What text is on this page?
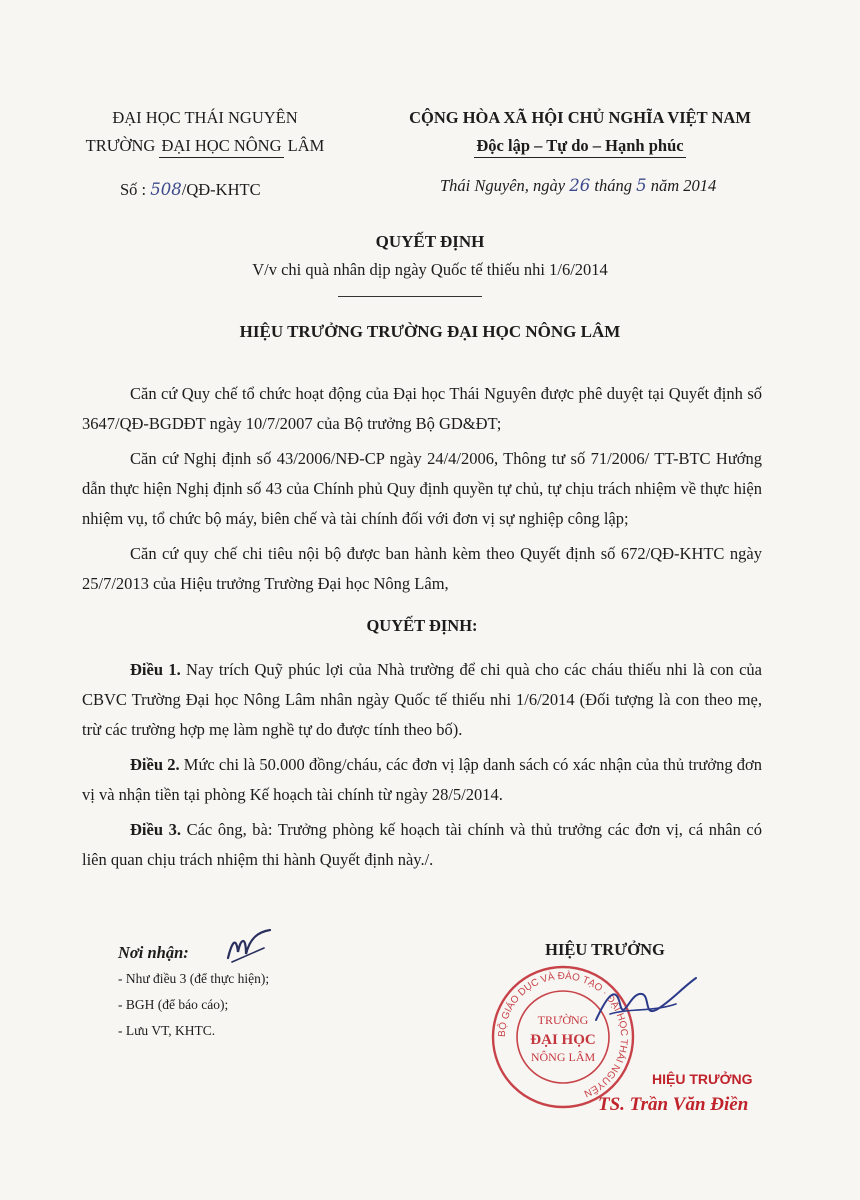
ĐẠI HỌC THÁI NGUYÊN
TRƯỜNG ĐẠI HỌC NÔNG LÂM
CỘNG HÒA XÃ HỘI CHỦ NGHĨA VIỆT NAM
Độc lập – Tự do – Hạnh phúc
Số : 508/QĐ-KHTC	Thái Nguyên, ngày 26 tháng 5 năm 2014
QUYẾT ĐỊNH
V/v chi quà nhân dịp ngày Quốc tế thiếu nhi 1/6/2014
HIỆU TRƯỞNG TRƯỜNG ĐẠI HỌC NÔNG LÂM

Căn cứ Quy chế tổ chức hoạt động của Đại học Thái Nguyên được phê duyệt tại Quyết định số 3647/QĐ-BGDĐT ngày 10/7/2007 của Bộ trưởng Bộ GD&ĐT;

Căn cứ Nghị định số 43/2006/NĐ-CP ngày 24/4/2006, Thông tư số 71/2006/ TT-BTC Hướng dẫn thực hiện Nghị định số 43 của Chính phủ Quy định quyền tự chủ, tự chịu trách nhiệm về thực hiện nhiệm vụ, tổ chức bộ máy, biên chế và tài chính đối với đơn vị sự nghiệp công lập;

Căn cứ quy chế chi tiêu nội bộ được ban hành kèm theo Quyết định số 672/QĐ-KHTC ngày 25/7/2013 của Hiệu trưởng Trường Đại học Nông Lâm,

QUYẾT ĐỊNH:

Điều 1. Nay trích Quỹ phúc lợi của Nhà trường để chi quà cho các cháu thiếu nhi là con của CBVC Trường Đại học Nông Lâm nhân ngày Quốc tế thiếu nhi 1/6/2014 (Đối tượng là con theo mẹ, trừ các trường hợp mẹ làm nghề tự do được tính theo bố).

Điều 2. Mức chi là 50.000 đồng/cháu, các đơn vị lập danh sách có xác nhận của thủ trưởng đơn vị và nhận tiền tại phòng Kế hoạch tài chính từ ngày 28/5/2014.

Điều 3. Các ông, bà: Trưởng phòng kế hoạch tài chính và thủ trưởng các đơn vị, cá nhân có liên quan chịu trách nhiệm thi hành Quyết định này./.

Nơi nhận:
- Như điều 3 (để thực hiện);
- BGH (để báo cáo);
- Lưu VT, KHTC.
HIỆU TRƯỞNG
BỘ GIÁO DỤC VÀ ĐÀO TẠO · ĐẠI HỌC THÁI NGUYÊN
TRƯỜNG
ĐẠI HỌC
NÔNG LÂM
HIỆU TRƯỞNG
TS. Trần Văn Điền
